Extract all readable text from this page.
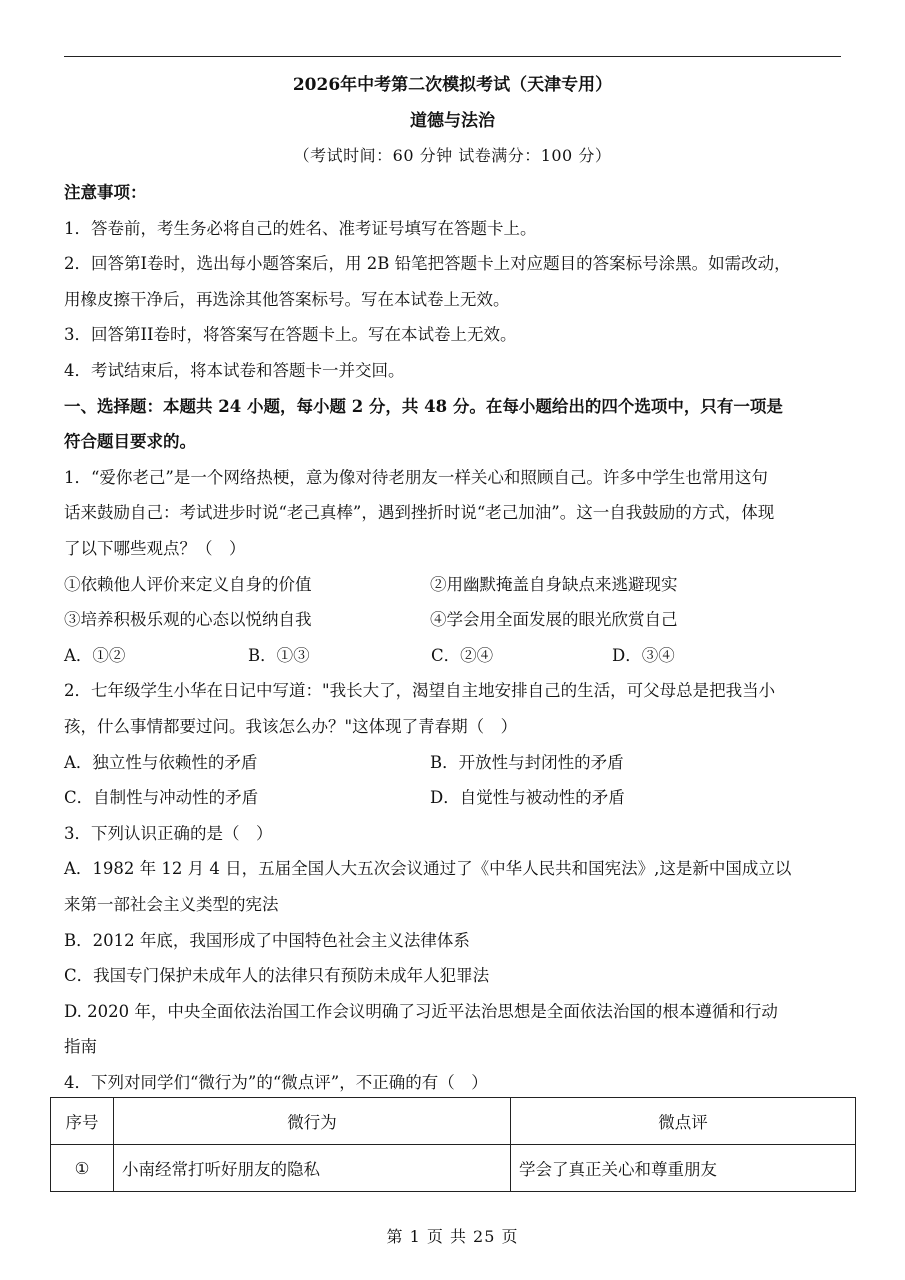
2026年中考第二次模拟考试（天津专用）
道德与法治
（考试时间：60 分钟 试卷满分：100 分）
注意事项：
1．答卷前，考生务必将自己的姓名、准考证号填写在答题卡上。
2．回答第I卷时，选出每小题答案后，用 2B 铅笔把答题卡上对应题目的答案标号涂黑。如需改动，
用橡皮擦干净后，再选涂其他答案标号。写在本试卷上无效。
3．回答第II卷时，将答案写在答题卡上。写在本试卷上无效。
4．考试结束后，将本试卷和答题卡一并交回。
一、选择题：本题共 24 小题，每小题 2 分，共 48 分。在每小题给出的四个选项中，只有一项是
符合题目要求的。
1．“爱你老己”是一个网络热梗，意为像对待老朋友一样关心和照顾自己。许多中学生也常用这句
话来鼓励自己：考试进步时说“老己真棒”，遇到挫折时说“老己加油”。这一自我鼓励的方式，体现
了以下哪些观点？（　）
①依赖他人评价来定义自身的价值	②用幽默掩盖自身缺点来逃避现实
③培养积极乐观的心态以悦纳自我	④学会用全面发展的眼光欣赏自己
A．①②	B．①③	C．②④	D．③④
2．七年级学生小华在日记中写道："我长大了，渴望自主地安排自己的生活，可父母总是把我当小
孩，什么事情都要过问。我该怎么办？"这体现了青春期（　）
A．独立性与依赖性的矛盾	B．开放性与封闭性的矛盾
C．自制性与冲动性的矛盾	D．自觉性与被动性的矛盾
3．下列认识正确的是（　）
A．1982 年 12 月 4 日，五届全国人大五次会议通过了《中华人民共和国宪法》,这是新中国成立以
来第一部社会主义类型的宪法
B．2012 年底，我国形成了中国特色社会主义法律体系
C．我国专门保护未成年人的法律只有预防未成年人犯罪法
D. 2020 年，中央全面依法治国工作会议明确了习近平法治思想是全面依法治国的根本遵循和行动
指南
4．下列对同学们“微行为”的“微点评”，不正确的有（　）
序号	微行为	微点评
①	小南经常打听好朋友的隐私	学会了真正关心和尊重朋友
第 1 页 共 25 页
